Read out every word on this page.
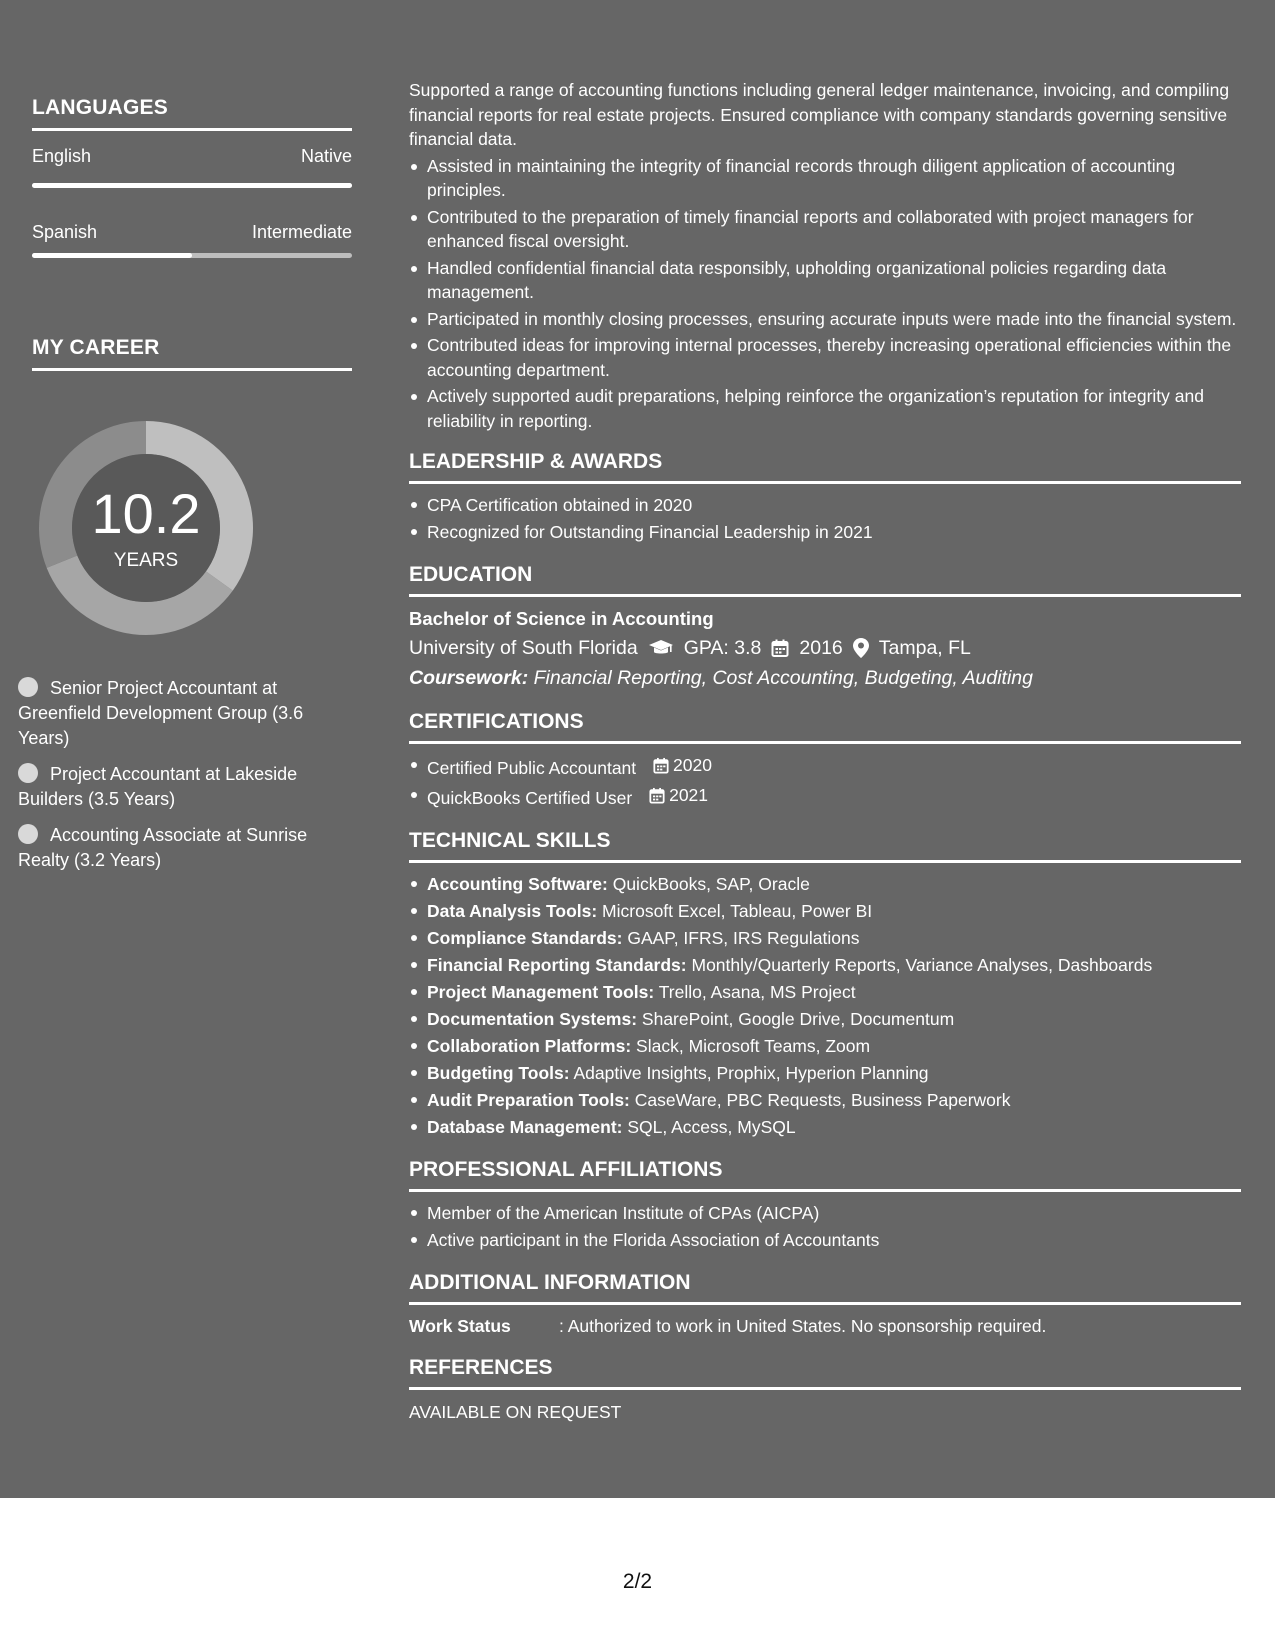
LANGUAGES
English	Native
Spanish	Intermediate
MY CAREER
10.2
YEARS
Senior Project Accountant at Greenfield Development Group (3.6 Years)
Project Accountant at Lakeside Builders (3.5 Years)
Accounting Associate at Sunrise Realty (3.2 Years)

Supported a range of accounting functions including general ledger maintenance, invoicing, and compiling financial reports for real estate projects. Ensured compliance with company standards governing sensitive financial data.

Assisted in maintaining the integrity of financial records through diligent application of accounting principles.
Contributed to the preparation of timely financial reports and collaborated with project managers for enhanced fiscal oversight.
Handled confidential financial data responsibly, upholding organizational policies regarding data management.
Participated in monthly closing processes, ensuring accurate inputs were made into the financial system.
Contributed ideas for improving internal processes, thereby increasing operational efficiencies within the accounting department.
Actively supported audit preparations, helping reinforce the organization’s reputation for integrity and reliability in reporting.
LEADERSHIP & AWARDS
CPA Certification obtained in 2020
Recognized for Outstanding Financial Leadership in 2021
EDUCATION
Bachelor of Science in Accounting
University of South Florida GPA: 3.8 2016 Tampa, FL
Coursework: Financial Reporting, Cost Accounting, Budgeting, Auditing
CERTIFICATIONS
Certified Public Accountant 2020
QuickBooks Certified User 2021
TECHNICAL SKILLS
Accounting Software: QuickBooks, SAP, Oracle
Data Analysis Tools: Microsoft Excel, Tableau, Power BI
Compliance Standards: GAAP, IFRS, IRS Regulations
Financial Reporting Standards: Monthly/Quarterly Reports, Variance Analyses, Dashboards
Project Management Tools: Trello, Asana, MS Project
Documentation Systems: SharePoint, Google Drive, Documentum
Collaboration Platforms: Slack, Microsoft Teams, Zoom
Budgeting Tools: Adaptive Insights, Prophix, Hyperion Planning
Audit Preparation Tools: CaseWare, PBC Requests, Business Paperwork
Database Management: SQL, Access, MySQL
PROFESSIONAL AFFILIATIONS
Member of the American Institute of CPAs (AICPA)
Active participant in the Florida Association of Accountants
ADDITIONAL INFORMATION
Work Status	: Authorized to work in United States. No sponsorship required.
REFERENCES
AVAILABLE ON REQUEST
2/2
